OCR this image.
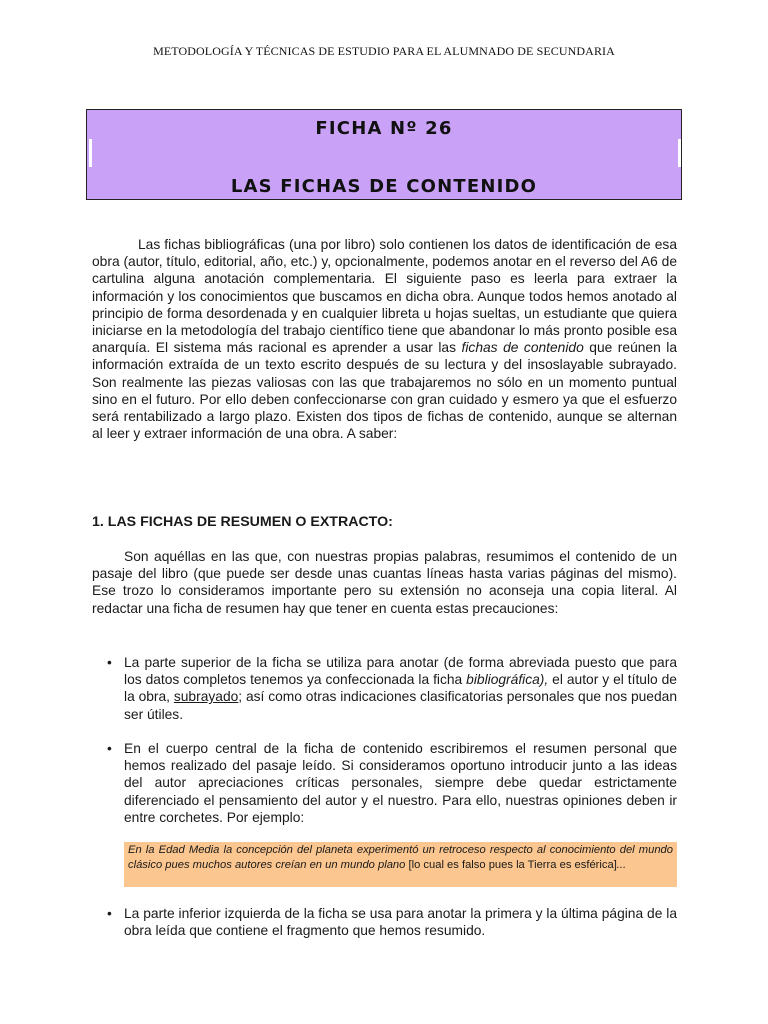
METODOLOGÍA Y TÉCNICAS DE ESTUDIO PARA EL ALUMNADO DE SECUNDARIA
FICHA Nº 26
LAS FICHAS DE CONTENIDO
Las fichas bibliográficas (una por libro) solo contienen los datos de identificación de esa obra (autor, título, editorial, año, etc.) y, opcionalmente, podemos anotar en el reverso del A6 de cartulina alguna anotación complementaria. El siguiente paso es leerla para extraer la información y los conocimientos que buscamos en dicha obra. Aunque todos hemos anotado al principio de forma desordenada y en cualquier libreta u hojas sueltas, un estudiante que quiera iniciarse en la metodología del trabajo científico tiene que abandonar lo más pronto posible esa anarquía. El sistema más racional es aprender a usar las fichas de contenido que reúnen la información extraída de un texto escrito después de su lectura y del insoslayable subrayado. Son realmente las piezas valiosas con las que trabajaremos no sólo en un momento puntual sino en el futuro. Por ello deben confeccionarse con gran cuidado y esmero ya que el esfuerzo será rentabilizado a largo plazo. Existen dos tipos de fichas de contenido, aunque se alternan al leer y extraer información de una obra. A saber:
1. LAS FICHAS DE RESUMEN O EXTRACTO:
Son aquéllas en las que, con nuestras propias palabras, resumimos el contenido de un pasaje del libro (que puede ser desde unas cuantas líneas hasta varias páginas del mismo). Ese trozo lo consideramos importante pero su extensión no aconseja una copia literal. Al redactar una ficha de resumen hay que tener en cuenta estas precauciones:
• La parte superior de la ficha se utiliza para anotar (de forma abreviada puesto que para los datos completos tenemos ya confeccionada la ficha bibliográfica), el autor y el título de la obra, subrayado; así como otras indicaciones clasificatorias personales que nos puedan ser útiles.
• En el cuerpo central de la ficha de contenido escribiremos el resumen personal que hemos realizado del pasaje leído. Si consideramos oportuno introducir junto a las ideas del autor apreciaciones críticas personales, siempre debe quedar estrictamente diferenciado el pensamiento del autor y el nuestro. Para ello, nuestras opiniones deben ir entre corchetes. Por ejemplo:
En la Edad Media la concepción del planeta experimentó un retroceso respecto al conocimiento del mundo clásico pues muchos autores creían en un mundo plano [lo cual es falso pues la Tierra es esférica]...
• La parte inferior izquierda de la ficha se usa para anotar la primera y la última página de la obra leída que contiene el fragmento que hemos resumido.
